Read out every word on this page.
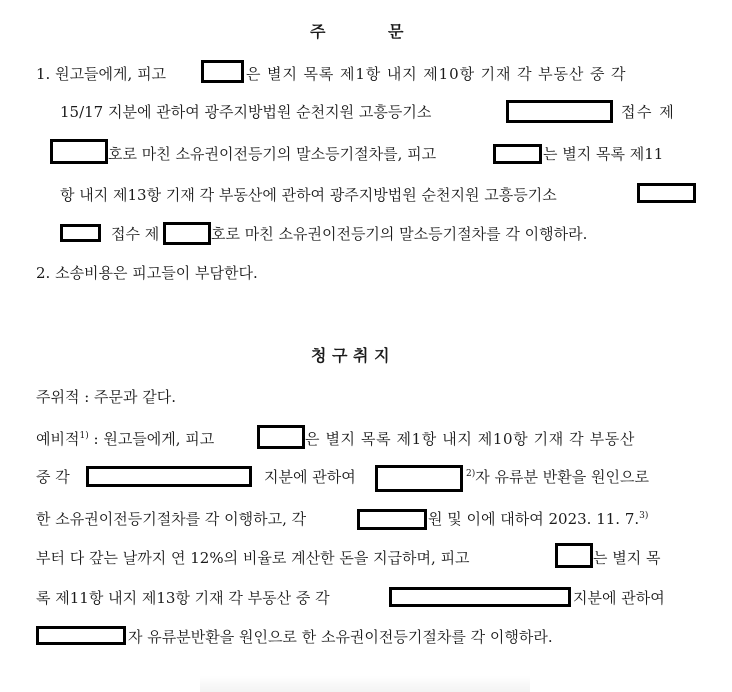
주	문
1. 원고들에게, 피고	은 별지 목록 제1항 내지 제10항 기재 각 부동산 중 각
15/17 지분에 관하여 광주지방법원 순천지원 고흥등기소	접수 제
호로 마친 소유권이전등기의 말소등기절차를, 피고	는 별지 목록 제11
항 내지 제13항 기재 각 부동산에 관하여 광주지방법원 순천지원 고흥등기소
접수 제	호로 마친 소유권이전등기의 말소등기절차를 각 이행하라.
2. 소송비용은 피고들이 부담한다.
청 구 취 지
주위적 : 주문과 같다.
예비적$^{1)}$ : 원고들에게, 피고	은 별지 목록 제1항 내지 제10항 기재 각 부동산
중 각	지분에 관하여	$^{2)}$자 유류분 반환을 원인으로
한 소유권이전등기절차를 각 이행하고, 각	원 및 이에 대하여 2023. 11. 7.$^{3)}$
부터 다 갚는 날까지 연 12%의 비율로 계산한 돈을 지급하며, 피고	는 별지 목
록 제11항 내지 제13항 기재 각 부동산 중 각	지분에 관하여
자 유류분반환을 원인으로 한 소유권이전등기절차를 각 이행하라.
